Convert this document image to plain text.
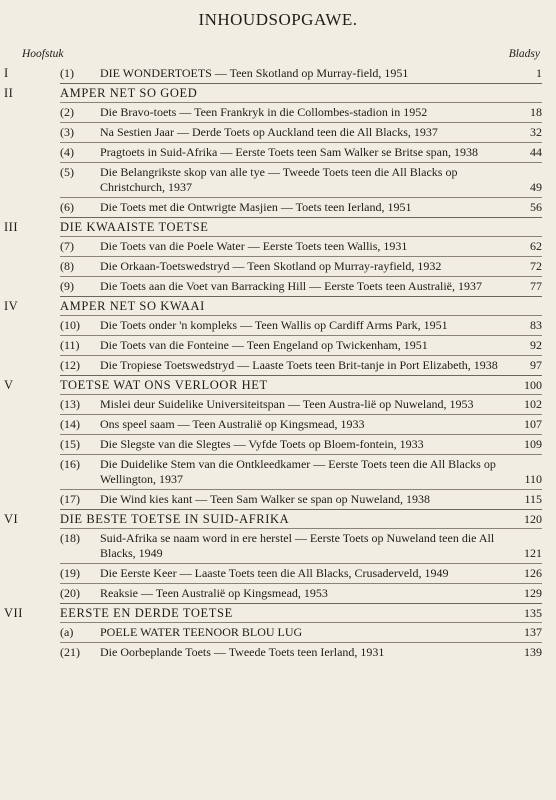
INHOUDSOPGAWE.
Hoofstuk	Bladsy
I	(1)	DIE WONDERTOETS — Teen Skotland op Murray-field, 1951	1
II	AMPER NET SO GOED
(2)	Die Bravo-toets — Teen Frankryk in die Collombes-stadion in 1952	18
(3)	Na Sestien Jaar — Derde Toets op Auckland teen die All Blacks, 1937	32
(4)	Pragtoets in Suid-Afrika — Eerste Toets teen Sam Walker se Britse span, 1938	44
(5)	Die Belangrikste skop van alle tye — Tweede Toets teen die All Blacks op Christchurch, 1937	49
(6)	Die Toets met die Ontwrigte Masjien — Toets teen Ierland, 1951	56
III	DIE KWAAISTE TOETSE
(7)	Die Toets van die Poele Water — Eerste Toets teen Wallis, 1931	62
(8)	Die Orkaan-Toetswedstryd — Teen Skotland op Murray-rayfield, 1932	72
(9)	Die Toets aan die Voet van Barracking Hill — Eerste Toets teen Australië, 1937	77
IV	AMPER NET SO KWAAI
(10)	Die Toets onder 'n kompleks — Teen Wallis op Cardiff Arms Park, 1951	83
(11)	Die Toets van die Fonteine — Teen Engeland op Twickenham, 1951	92
(12)	Die Tropiese Toetswedstryd — Laaste Toets teen Brit-tanje in Port Elizabeth, 1938	97
V	TOETSE WAT ONS VERLOOR HET	100
(13)	Mislei deur Suidelike Universiteitspan — Teen Austra-lië op Nuweland, 1953	102
(14)	Ons speel saam — Teen Australië op Kingsmead, 1933	107
(15)	Die Slegste van die Slegtes — Vyfde Toets op Bloem-fontein, 1933	109
(16)	Die Duidelike Stem van die Ontkleedkamer — Eerste Toets teen die All Blacks op Wellington, 1937	110
(17)	Die Wind kies kant — Teen Sam Walker se span op Nuweland, 1938	115
VI	DIE BESTE TOETSE IN SUID-AFRIKA	120
(18)	Suid-Afrika se naam word in ere herstel — Eerste Toets op Nuweland teen die All Blacks, 1949	121
(19)	Die Eerste Keer — Laaste Toets teen die All Blacks, Crusaderveld, 1949	126
(20)	Reaksie — Teen Australië op Kingsmead, 1953	129
VII	EERSTE EN DERDE TOETSE	135
(a)	POELE WATER TEENOOR BLOU LUG	137
(21)	Die Oorbeplande Toets — Tweede Toets teen Ierland, 1931	139
